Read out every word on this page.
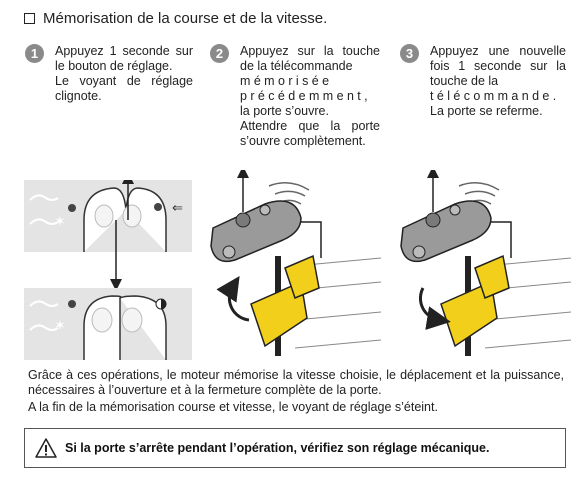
Mémorisation de la course et de la vitesse.
1	Appuyez 1 seconde sur le bouton de réglage.

Le voyant de réglage clignote.

2	Appuyez sur la touche de la télécommande

mémorisée

précédemment,

la porte s’ouvre.

Attendre que la porte s’ouvre complètement.

3	Appuyez une nouvelle fois 1 seconde sur la touche de la

télécommande.

La porte se referme.

✶
⇐
✶

Grâce à ces opérations, le moteur mémorise la vitesse choisie, le déplacement et la puissance, nécessaires à l’ouverture et à la fermeture complète de la porte.

A la fin de la mémorisation course et vitesse, le voyant de réglage s’éteint.

Si la porte s’arrête pendant l’opération, vérifiez son réglage mécanique.
